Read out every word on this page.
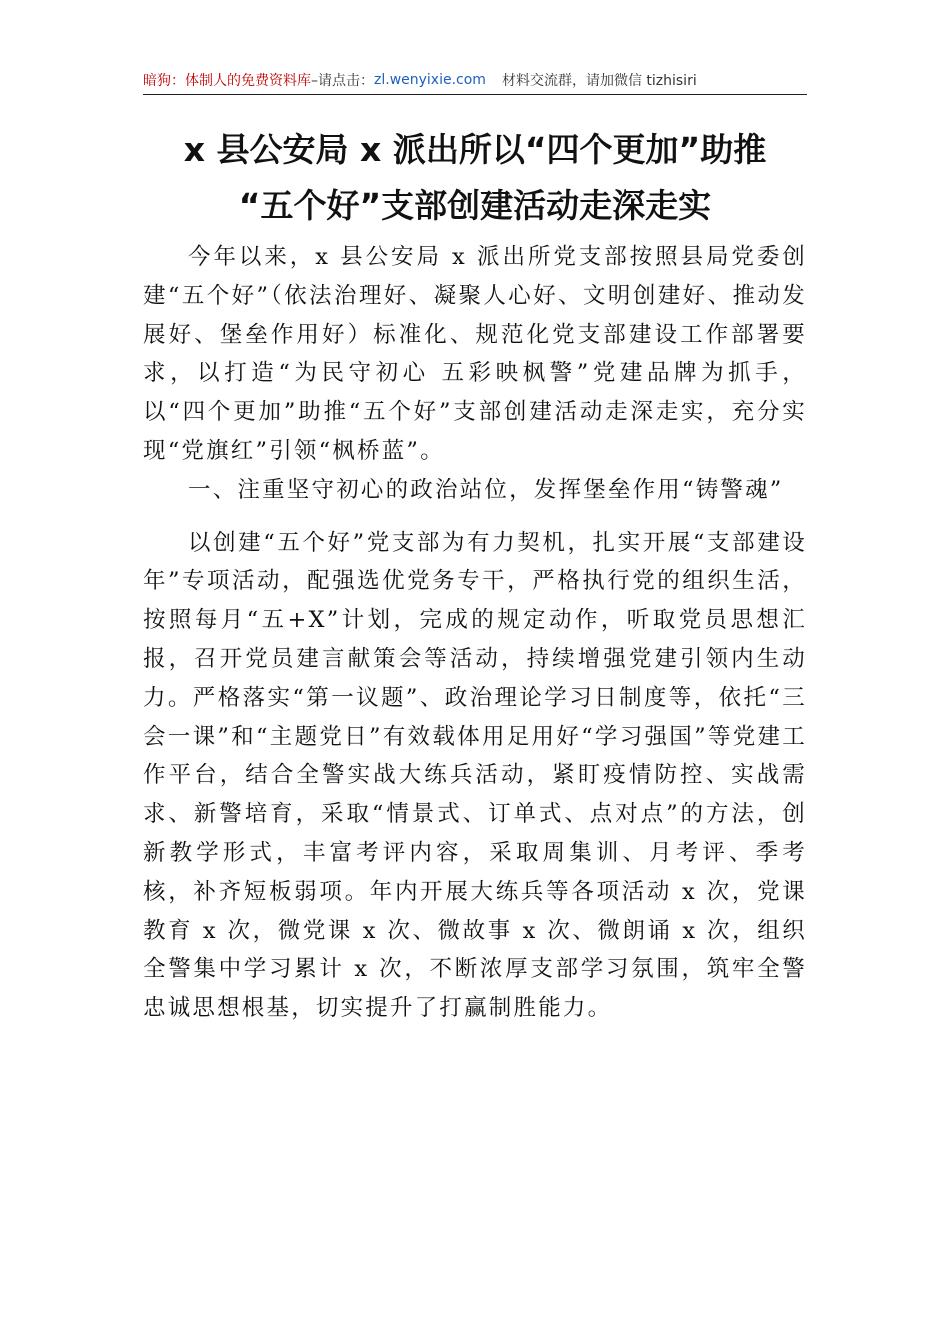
暗狗：体制人的免费资料库 –请点击： zl.wenyixie.com 材料交流群，请加微信 tizhisiri
x 县公安局 x 派出所以“四个更加”助推
“五个好”支部创建活动走深走实

今年以来，x 县公安局 x 派出所党支部按照县局党委创建“五个好”（依法治理好、凝聚人心好、文明创建好、推动发展好、堡垒作用好）标准化、规范化党支部建设工作部署要求，以打造“为民守初心 五彩映枫警”党建品牌为抓手，以“四个更加”助推“五个好”支部创建活动走深走实，充分实现“党旗红”引领“枫桥蓝”。

一、注重坚守初心的政治站位，发挥堡垒作用“铸警魂”

以创建“五个好”党支部为有力契机，扎实开展“支部建设年”专项活动，配强选优党务专干，严格执行党的组织生活，按照每月“五+X”计划，完成的规定动作，听取党员思想汇报，召开党员建言献策会等活动，持续增强党建引领内生动力。严格落实“第一议题”、政治理论学习日制度等，依托“三会一课”和“主题党日”有效载体用足用好“学习强国”等党建工作平台，结合全警实战大练兵活动，紧盯疫情防控、实战需求、新警培育，采取“情景式、订单式、点对点”的方法，创新教学形式，丰富考评内容，采取周集训、月考评、季考核，补齐短板弱项。年内开展大练兵等各项活动 x 次，党课教育 x 次，微党课 x 次、微故事 x 次、微朗诵 x 次，组织全警集中学习累计 x 次，不断浓厚支部学习氛围，筑牢全警忠诚思想根基，切实提升了打赢制胜能力。
